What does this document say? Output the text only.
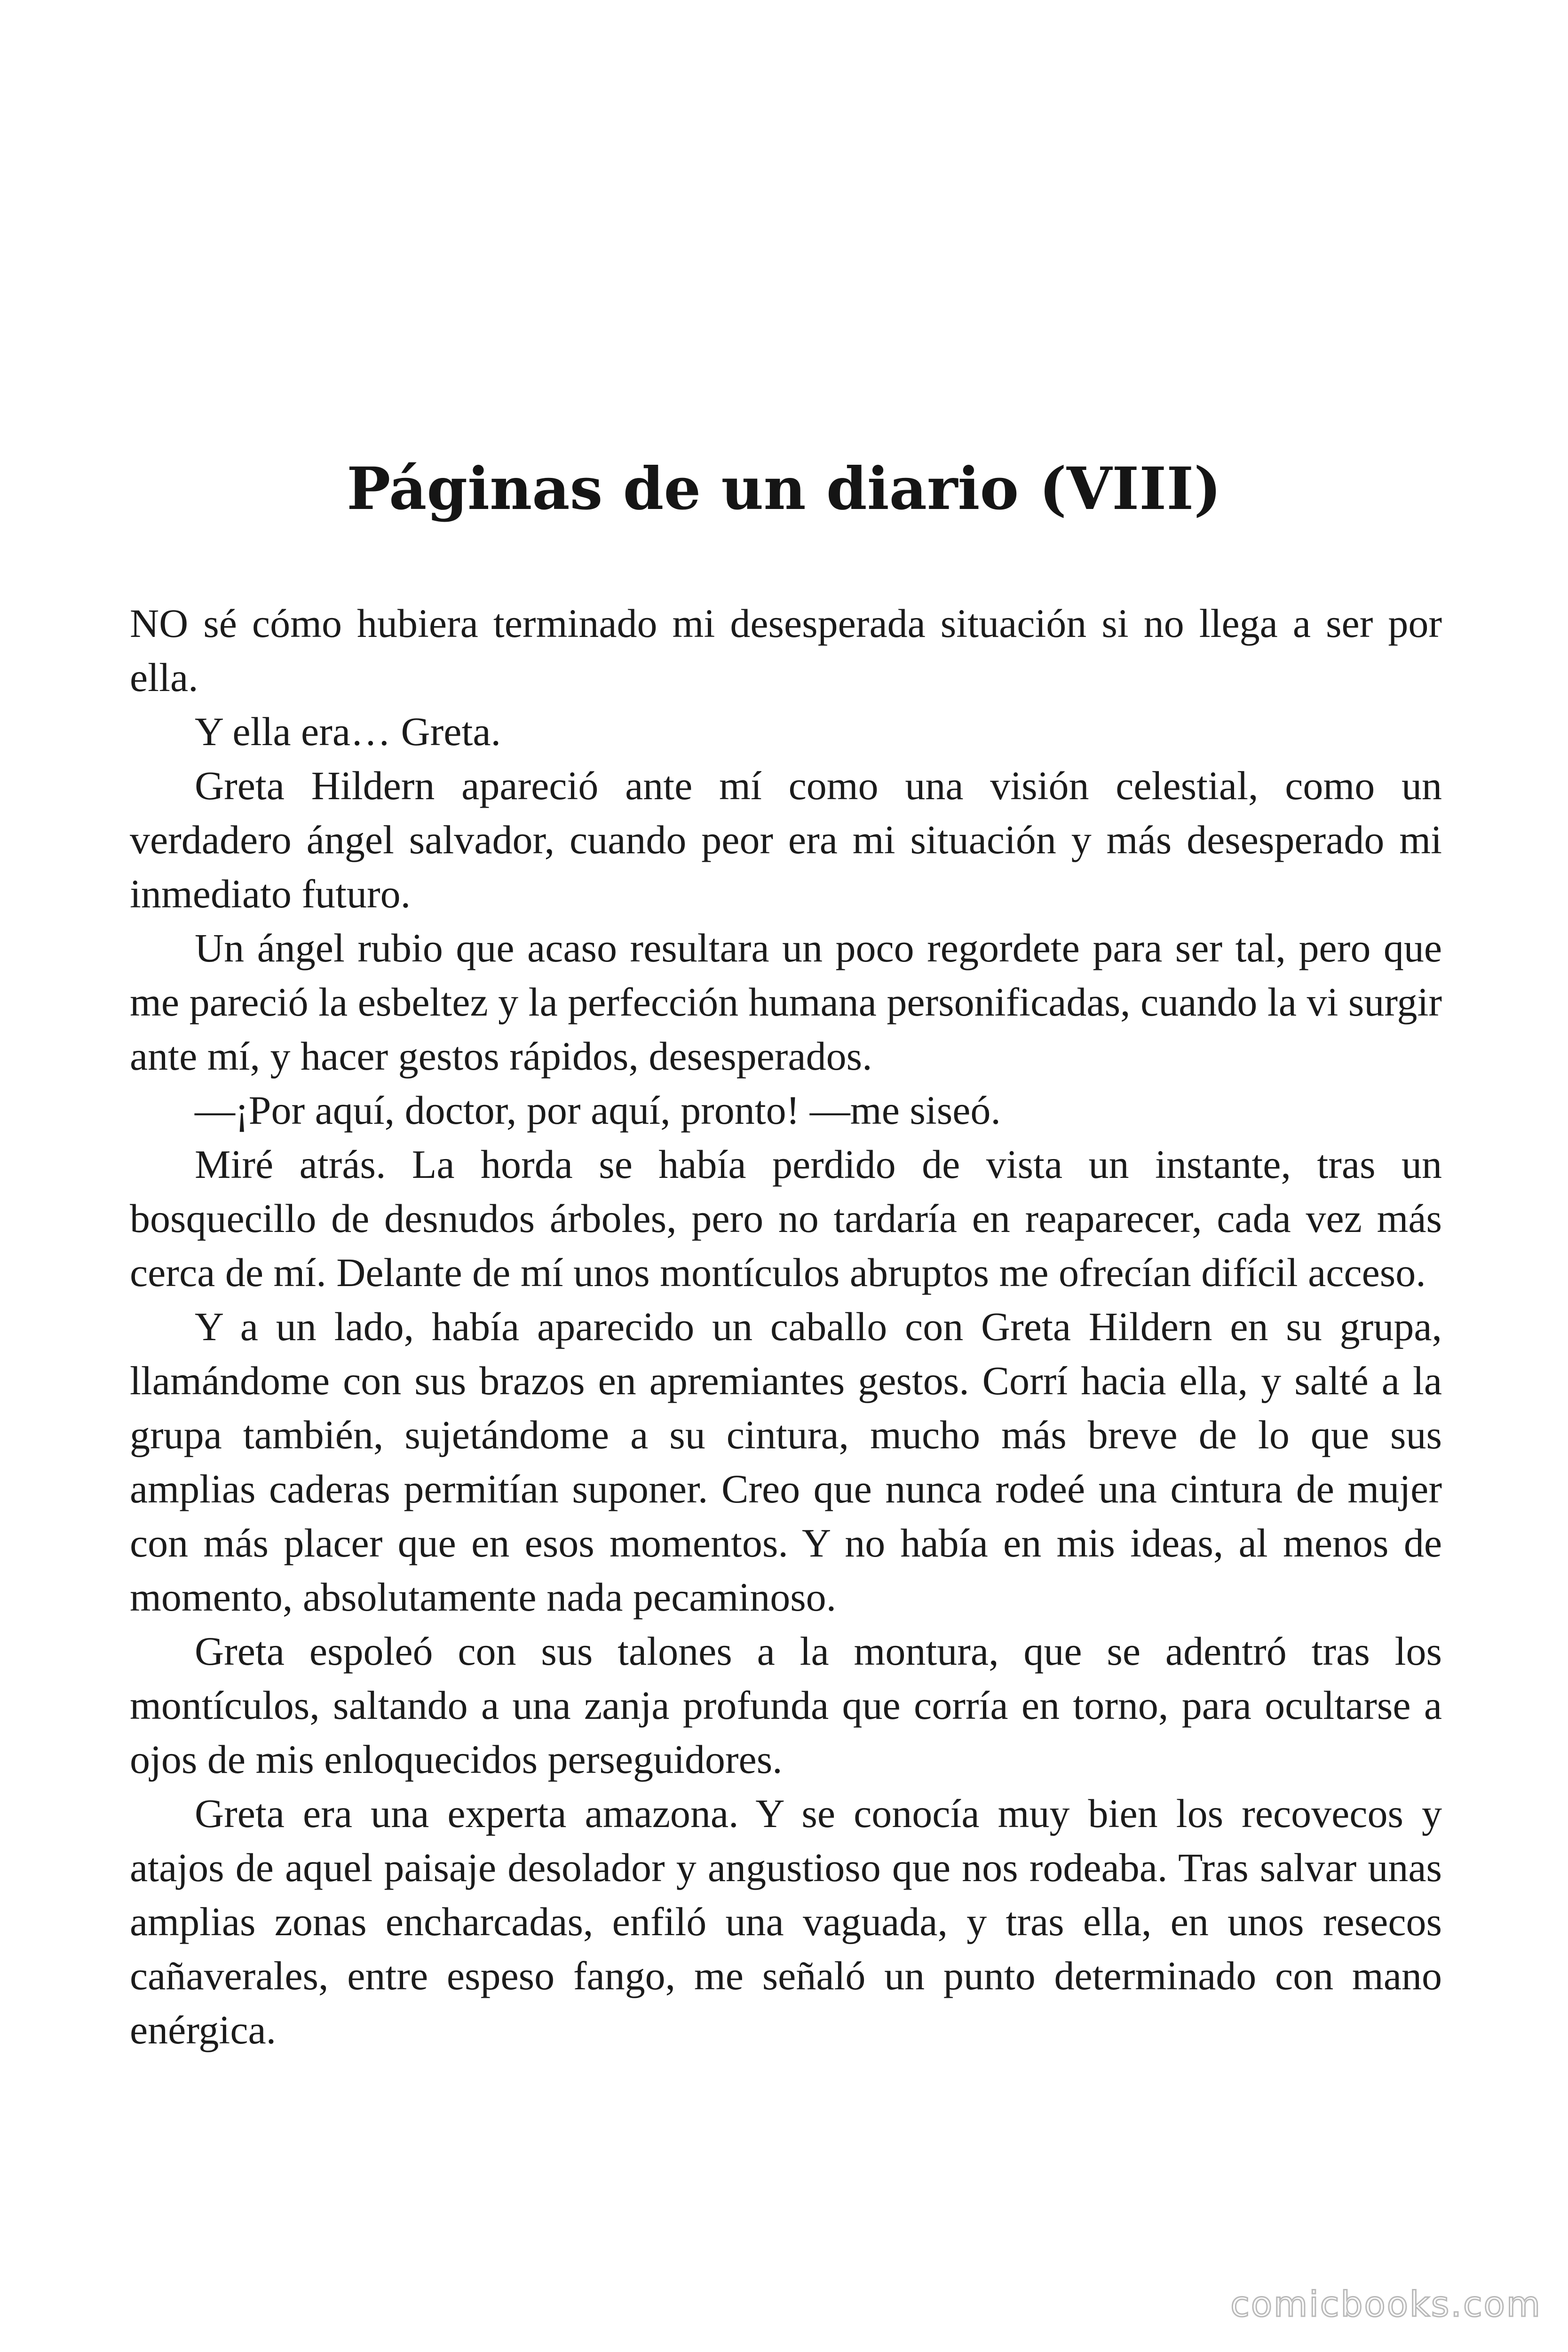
Páginas de un diario (VIII)

NO sé cómo hubiera terminado mi desesperada situación si no llega a ser por ella.

Y ella era… Greta.

Greta Hildern apareció ante mí como una visión celestial, como un verdadero ángel salvador, cuando peor era mi situación y más desesperado mi inmediato futuro.

Un ángel rubio que acaso resultara un poco regordete para ser tal, pero que me pareció la esbeltez y la perfección humana personificadas, cuando la vi surgir ante mí, y hacer gestos rápidos, desesperados.

—¡Por aquí, doctor, por aquí, pronto! —me siseó.

Miré atrás. La horda se había perdido de vista un instante, tras un bosquecillo de desnudos árboles, pero no tardaría en reaparecer, cada vez más cerca de mí. Delante de mí unos montículos abruptos me ofrecían difícil acceso.

Y a un lado, había aparecido un caballo con Greta Hildern en su grupa, llamándome con sus brazos en apremiantes gestos. Corrí hacia ella, y salté a la grupa también, sujetándome a su cintura, mucho más breve de lo que sus amplias caderas permitían suponer. Creo que nunca rodeé una cintura de mujer con más placer que en esos momentos. Y no había en mis ideas, al menos de momento, absolutamente nada pecaminoso.

Greta espoleó con sus talones a la montura, que se adentró tras los montículos, saltando a una zanja profunda que corría en torno, para ocultarse a ojos de mis enloquecidos perseguidores.

Greta era una experta amazona. Y se conocía muy bien los recovecos y atajos de aquel paisaje desolador y angustioso que nos rodeaba. Tras salvar unas amplias zonas encharcadas, enfiló una vaguada, y tras ella, en unos resecos cañaverales, entre espeso fango, me señaló un punto determinado con mano enérgica.

comicbooks.com
